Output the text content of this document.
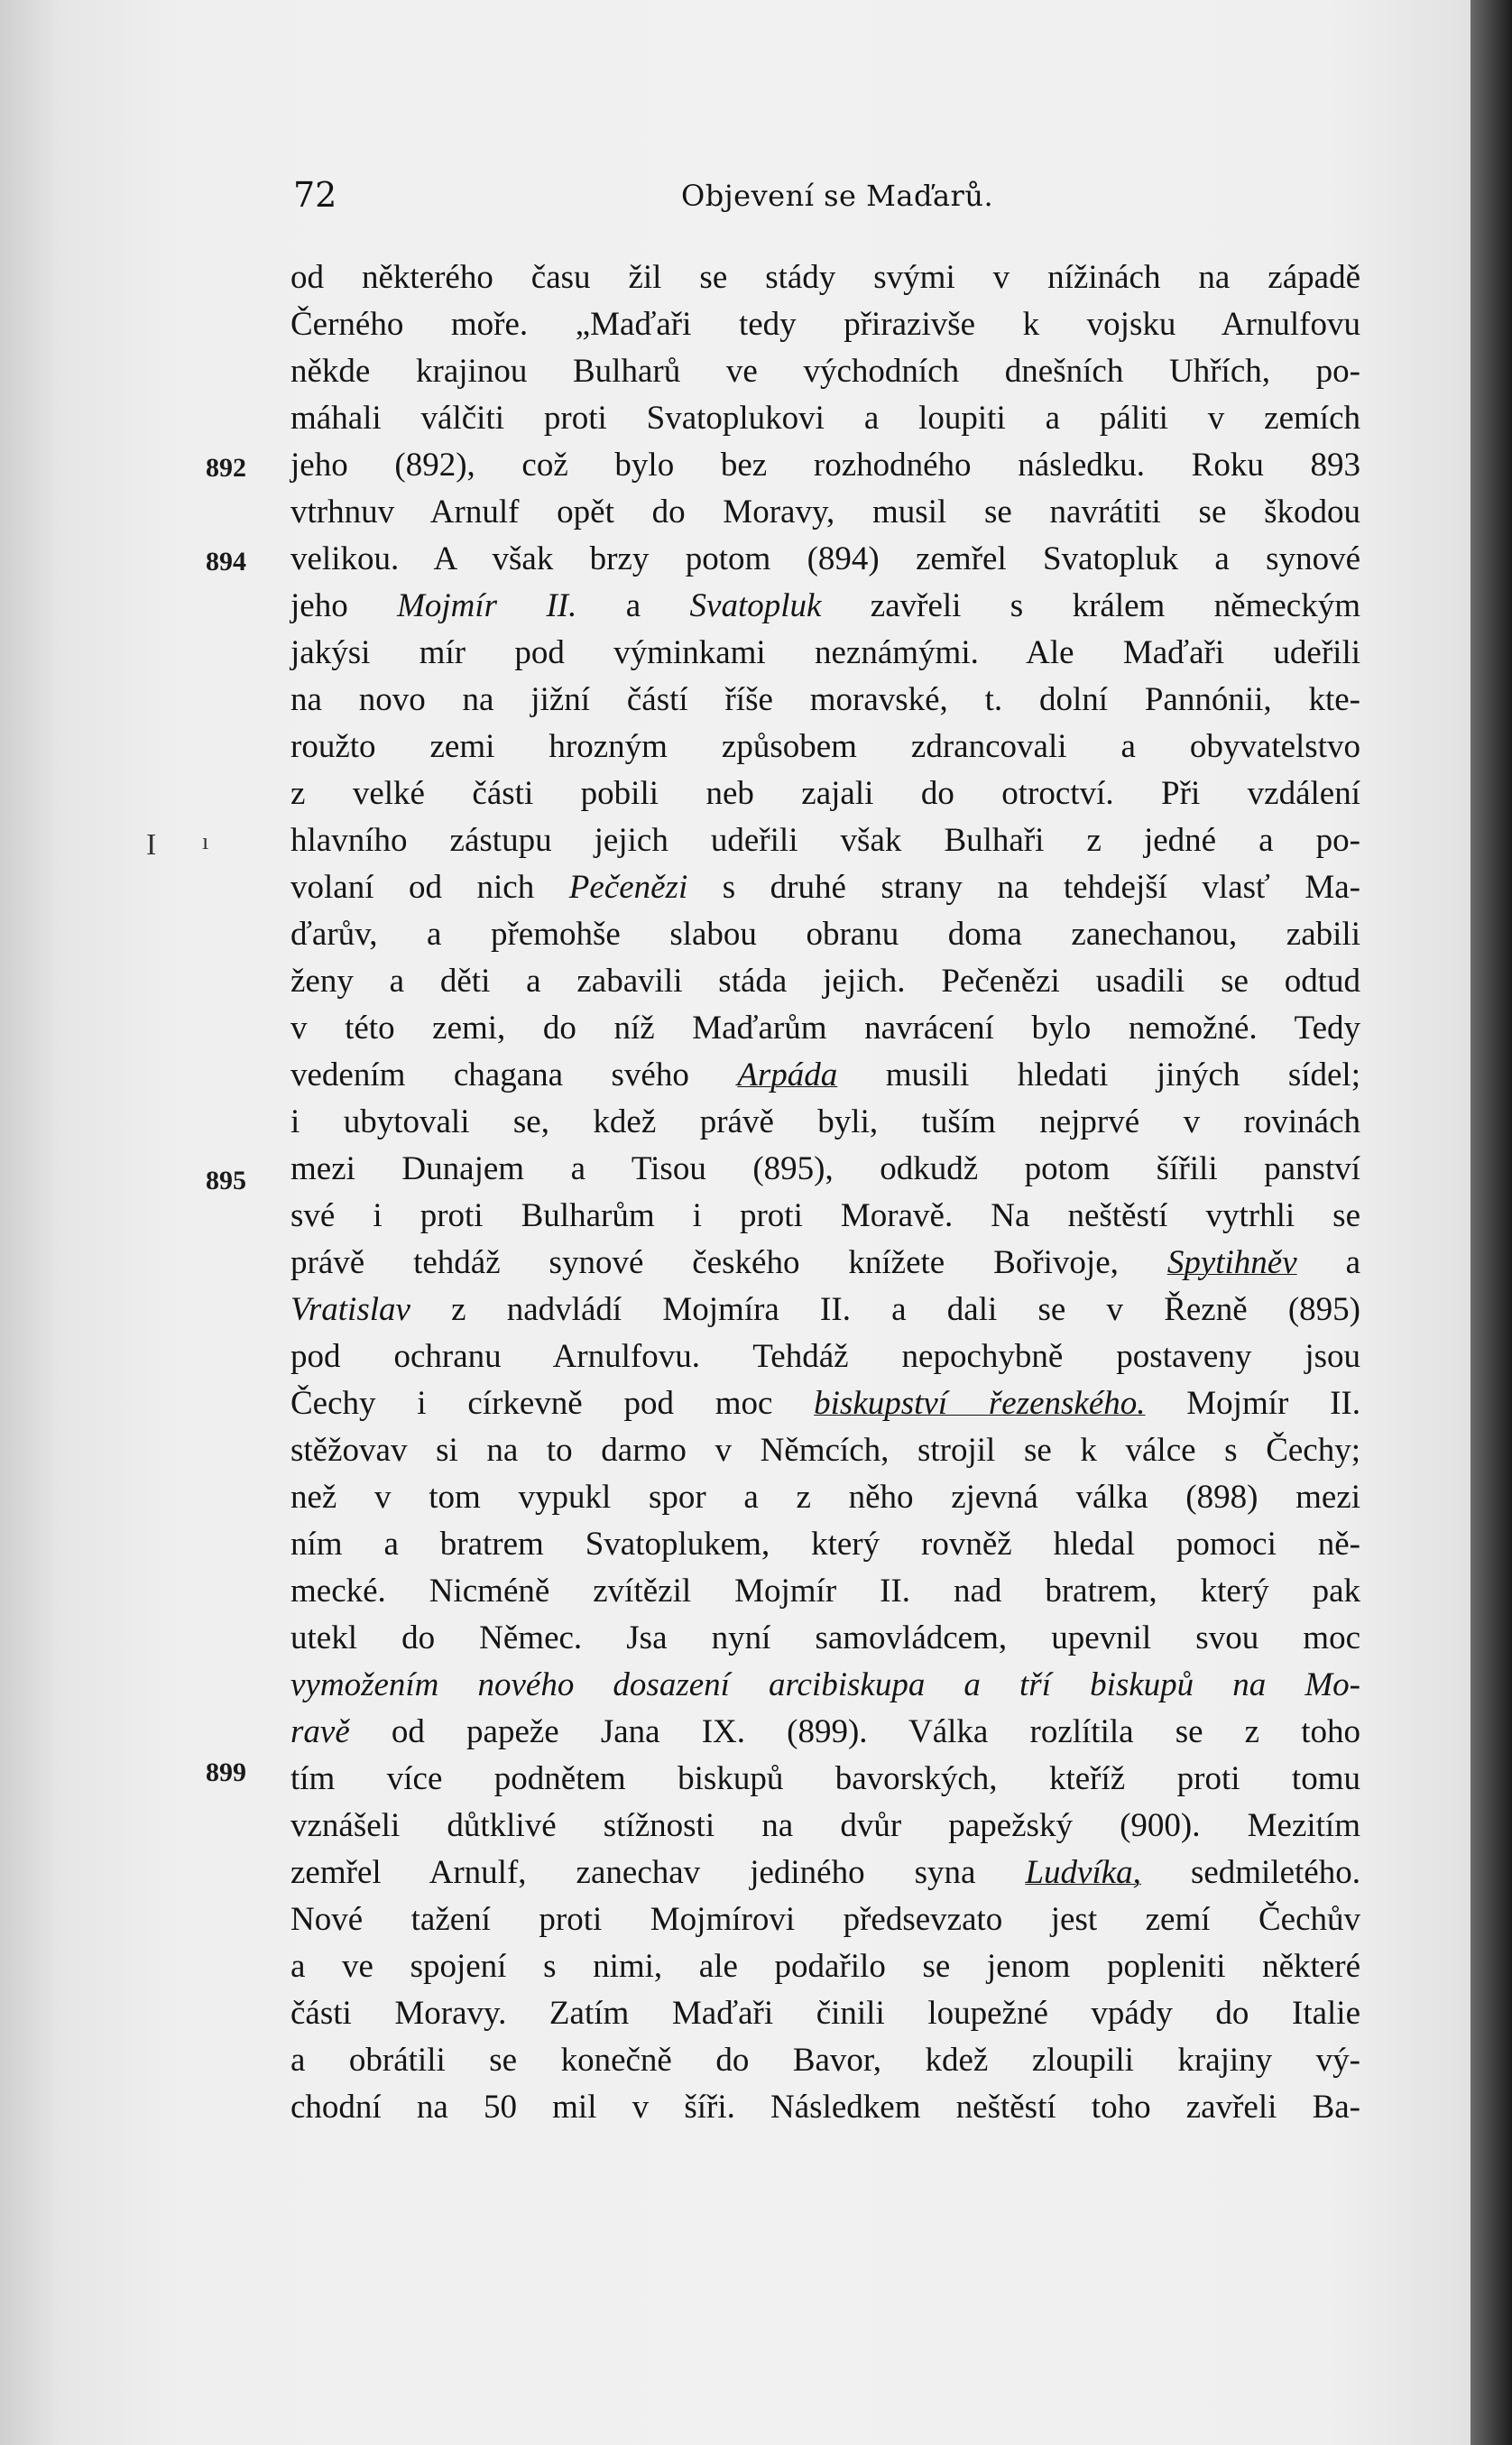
72	Objevení se Maďarů.
892
894
895
899
I ı
od některého času žil se stády svými v nížinách na západě
Černého moře. „Maďaři tedy přirazivše k vojsku Arnulfovu
někde krajinou Bulharů ve východních dnešních Uhřích, po-
máhali válčiti proti Svatoplukovi a loupiti a páliti v zemích
jeho (892), což bylo bez rozhodného následku. Roku 893
vtrhnuv Arnulf opět do Moravy, musil se navrátiti se škodou
velikou. A však brzy potom (894) zemřel Svatopluk a synové
jeho Mojmír II. a Svatopluk zavřeli s králem německým
jakýsi mír pod výminkami neznámými. Ale Maďaři udeřili
na novo na jižní částí říše moravské, t. dolní Pannónii, kte-
roužto zemi hrozným způsobem zdrancovali a obyvatelstvo
z velké části pobili neb zajali do otroctví. Při vzdálení
hlavního zástupu jejich udeřili však Bulhaři z jedné a po-
volaní od nich Pečenězi s druhé strany na tehdejší vlasť Ma-
ďarův, a přemohše slabou obranu doma zanechanou, zabili
ženy a děti a zabavili stáda jejich. Pečenězi usadili se odtud
v této zemi, do níž Maďarům navrácení bylo nemožné. Tedy
vedením chagana svého Arpáda musili hledati jiných sídel;
i ubytovali se, kdež právě byli, tuším nejprvé v rovinách
mezi Dunajem a Tisou (895), odkudž potom šířili panství
své i proti Bulharům i proti Moravě. Na neštěstí vytrhli se
právě tehdáž synové českého knížete Bořivoje, Spytihněv a
Vratislav z nadvládí Mojmíra II. a dali se v Řezně (895)
pod ochranu Arnulfovu. Tehdáž nepochybně postaveny jsou
Čechy i církevně pod moc biskupství řezenského. Mojmír II.
stěžovav si na to darmo v Němcích, strojil se k válce s Čechy;
než v tom vypukl spor a z něho zjevná válka (898) mezi
ním a bratrem Svatoplukem, který rovněž hledal pomoci ně-
mecké. Nicméně zvítězil Mojmír II. nad bratrem, který pak
utekl do Němec. Jsa nyní samovládcem, upevnil svou moc
vymožením nového dosazení arcibiskupa a tří biskupů na Mo-
ravě od papeže Jana IX. (899). Válka rozlítila se z toho
tím více podnětem biskupů bavorských, kteříž proti tomu
vznášeli důtklivé stížnosti na dvůr papežský (900). Mezitím
zemřel Arnulf, zanechav jediného syna Ludvíka, sedmiletého.
Nové tažení proti Mojmírovi předsevzato jest zemí Čechův
a ve spojení s nimi, ale podařilo se jenom popleniti některé
části Moravy. Zatím Maďaři činili loupežné vpády do Italie
a obrátili se konečně do Bavor, kdež zloupili krajiny vý-
chodní na 50 mil v šíři. Následkem neštěstí toho zavřeli Ba-
